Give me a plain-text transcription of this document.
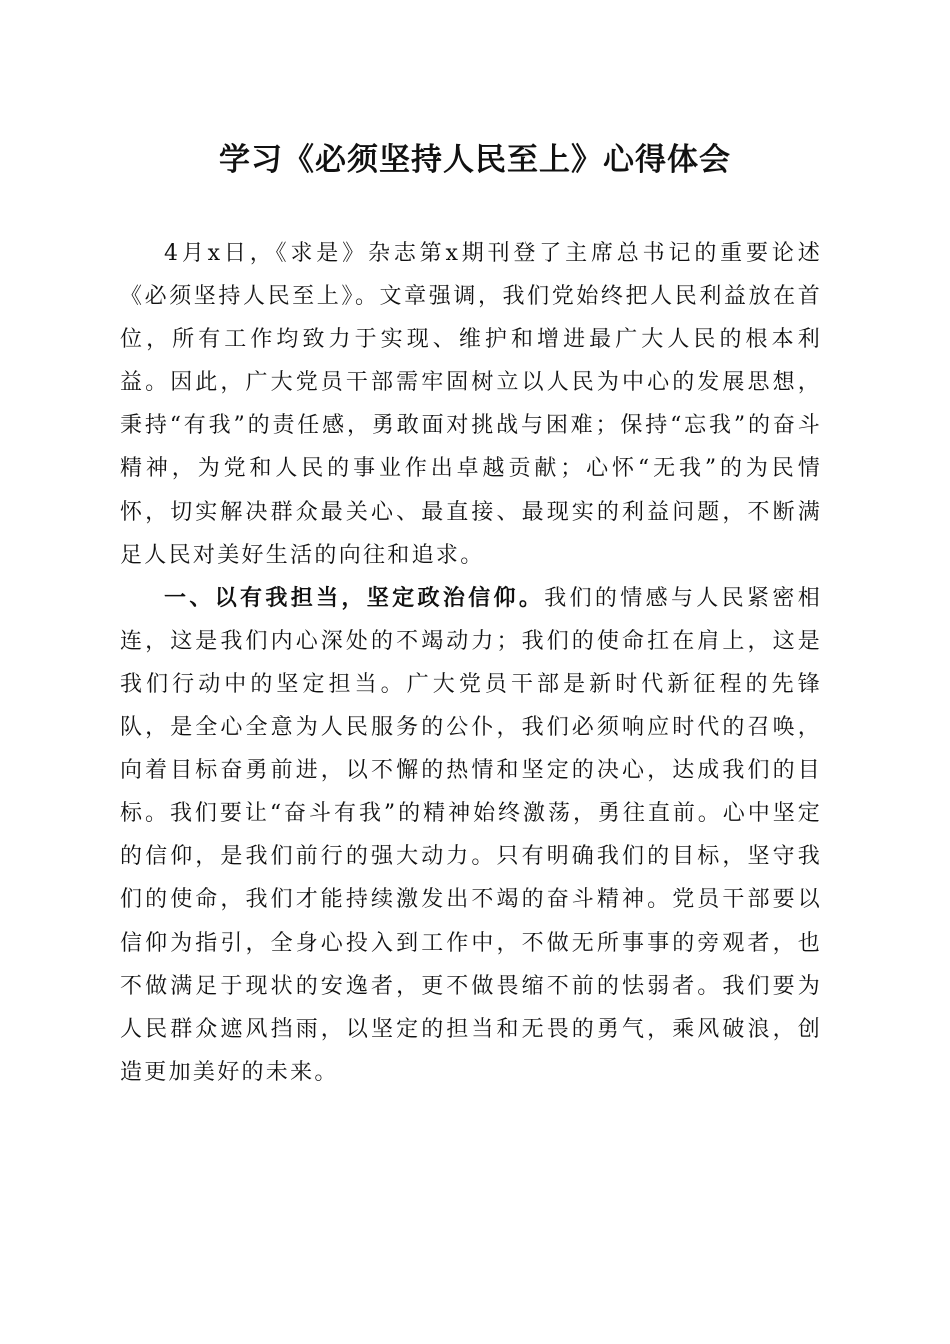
学习《必须坚持人民至上》心得体会

4月x日，《求是》杂志第x期刊登了主席总书记的重要论述《必须坚持人民至上》。文章强调，我们党始终把人民利益放在首位，所有工作均致力于实现、维护和增进最广大人民的根本利益。因此，广大党员干部需牢固树立以人民为中心的发展思想，秉持“有我”的责任感，勇敢面对挑战与困难；保持“忘我”的奋斗精神，为党和人民的事业作出卓越贡献；心怀“无我”的为民情怀，切实解决群众最关心、最直接、最现实的利益问题，不断满足人民对美好生活的向往和追求。

一、以有我担当，坚定政治信仰。我们的情感与人民紧密相连，这是我们内心深处的不竭动力；我们的使命扛在肩上，这是我们行动中的坚定担当。广大党员干部是新时代新征程的先锋队，是全心全意为人民服务的公仆，我们必须响应时代的召唤，向着目标奋勇前进，以不懈的热情和坚定的决心，达成我们的目标。我们要让“奋斗有我”的精神始终激荡，勇往直前。心中坚定的信仰，是我们前行的强大动力。只有明确我们的目标，坚守我们的使命，我们才能持续激发出不竭的奋斗精神。党员干部要以信仰为指引，全身心投入到工作中，不做无所事事的旁观者，也不做满足于现状的安逸者，更不做畏缩不前的怯弱者。我们要为人民群众遮风挡雨，以坚定的担当和无畏的勇气，乘风破浪，创造更加美好的未来。
